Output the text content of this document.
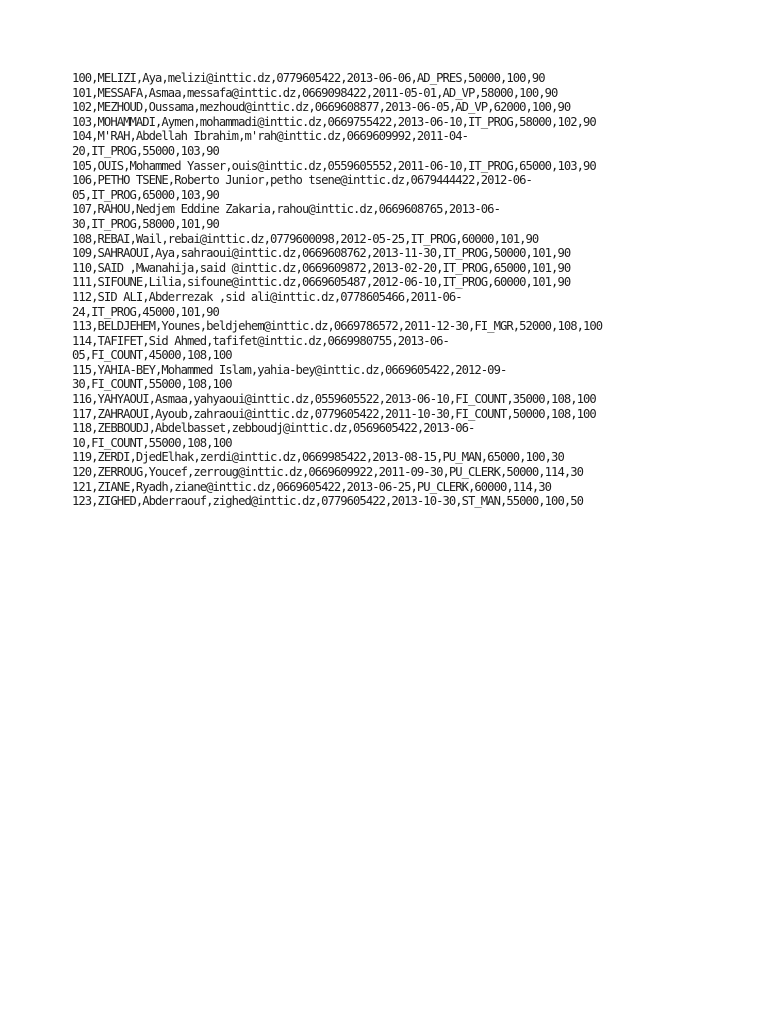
100,MELIZI,Aya,melizi@inttic.dz,0779605422,2013-06-06,AD_PRES,50000,100,90
101,MESSAFA,Asmaa,messafa@inttic.dz,0669098422,2011-05-01,AD_VP,58000,100,90
102,MEZHOUD,Oussama,mezhoud@inttic.dz,0669608877,2013-06-05,AD_VP,62000,100,90
103,MOHAMMADI,Aymen,mohammadi@inttic.dz,0669755422,2013-06-10,IT_PROG,58000,102,90
104,M'RAH,Abdellah Ibrahim,m'rah@inttic.dz,0669609992,2011-04-
20,IT_PROG,55000,103,90
105,OUIS,Mohammed Yasser,ouis@inttic.dz,0559605552,2011-06-10,IT_PROG,65000,103,90
106,PETHO TSENE,Roberto Junior,petho tsene@inttic.dz,0679444422,2012-06-
05,IT_PROG,65000,103,90
107,RAHOU,Nedjem Eddine Zakaria,rahou@inttic.dz,0669608765,2013-06-
30,IT_PROG,58000,101,90
108,REBAI,Wail,rebai@inttic.dz,0779600098,2012-05-25,IT_PROG,60000,101,90
109,SAHRAOUI,Aya,sahraoui@inttic.dz,0669608762,2013-11-30,IT_PROG,50000,101,90
110,SAID ,Mwanahija,said @inttic.dz,0669609872,2013-02-20,IT_PROG,65000,101,90
111,SIFOUNE,Lilia,sifoune@inttic.dz,0669605487,2012-06-10,IT_PROG,60000,101,90
112,SID ALI,Abderrezak ,sid ali@inttic.dz,0778605466,2011-06-
24,IT_PROG,45000,101,90
113,BELDJEHEM,Younes,beldjehem@inttic.dz,0669786572,2011-12-30,FI_MGR,52000,108,100
114,TAFIFET,Sid Ahmed,tafifet@inttic.dz,0669980755,2013-06-
05,FI_COUNT,45000,108,100
115,YAHIA-BEY,Mohammed Islam,yahia-bey@inttic.dz,0669605422,2012-09-
30,FI_COUNT,55000,108,100
116,YAHYAOUI,Asmaa,yahyaoui@inttic.dz,0559605522,2013-06-10,FI_COUNT,35000,108,100
117,ZAHRAOUI,Ayoub,zahraoui@inttic.dz,0779605422,2011-10-30,FI_COUNT,50000,108,100
118,ZEBBOUDJ,Abdelbasset,zebboudj@inttic.dz,0569605422,2013-06-
10,FI_COUNT,55000,108,100
119,ZERDI,DjedElhak,zerdi@inttic.dz,0669985422,2013-08-15,PU_MAN,65000,100,30
120,ZERROUG,Youcef,zerroug@inttic.dz,0669609922,2011-09-30,PU_CLERK,50000,114,30
121,ZIANE,Ryadh,ziane@inttic.dz,0669605422,2013-06-25,PU_CLERK,60000,114,30
123,ZIGHED,Abderraouf,zighed@inttic.dz,0779605422,2013-10-30,ST_MAN,55000,100,50
